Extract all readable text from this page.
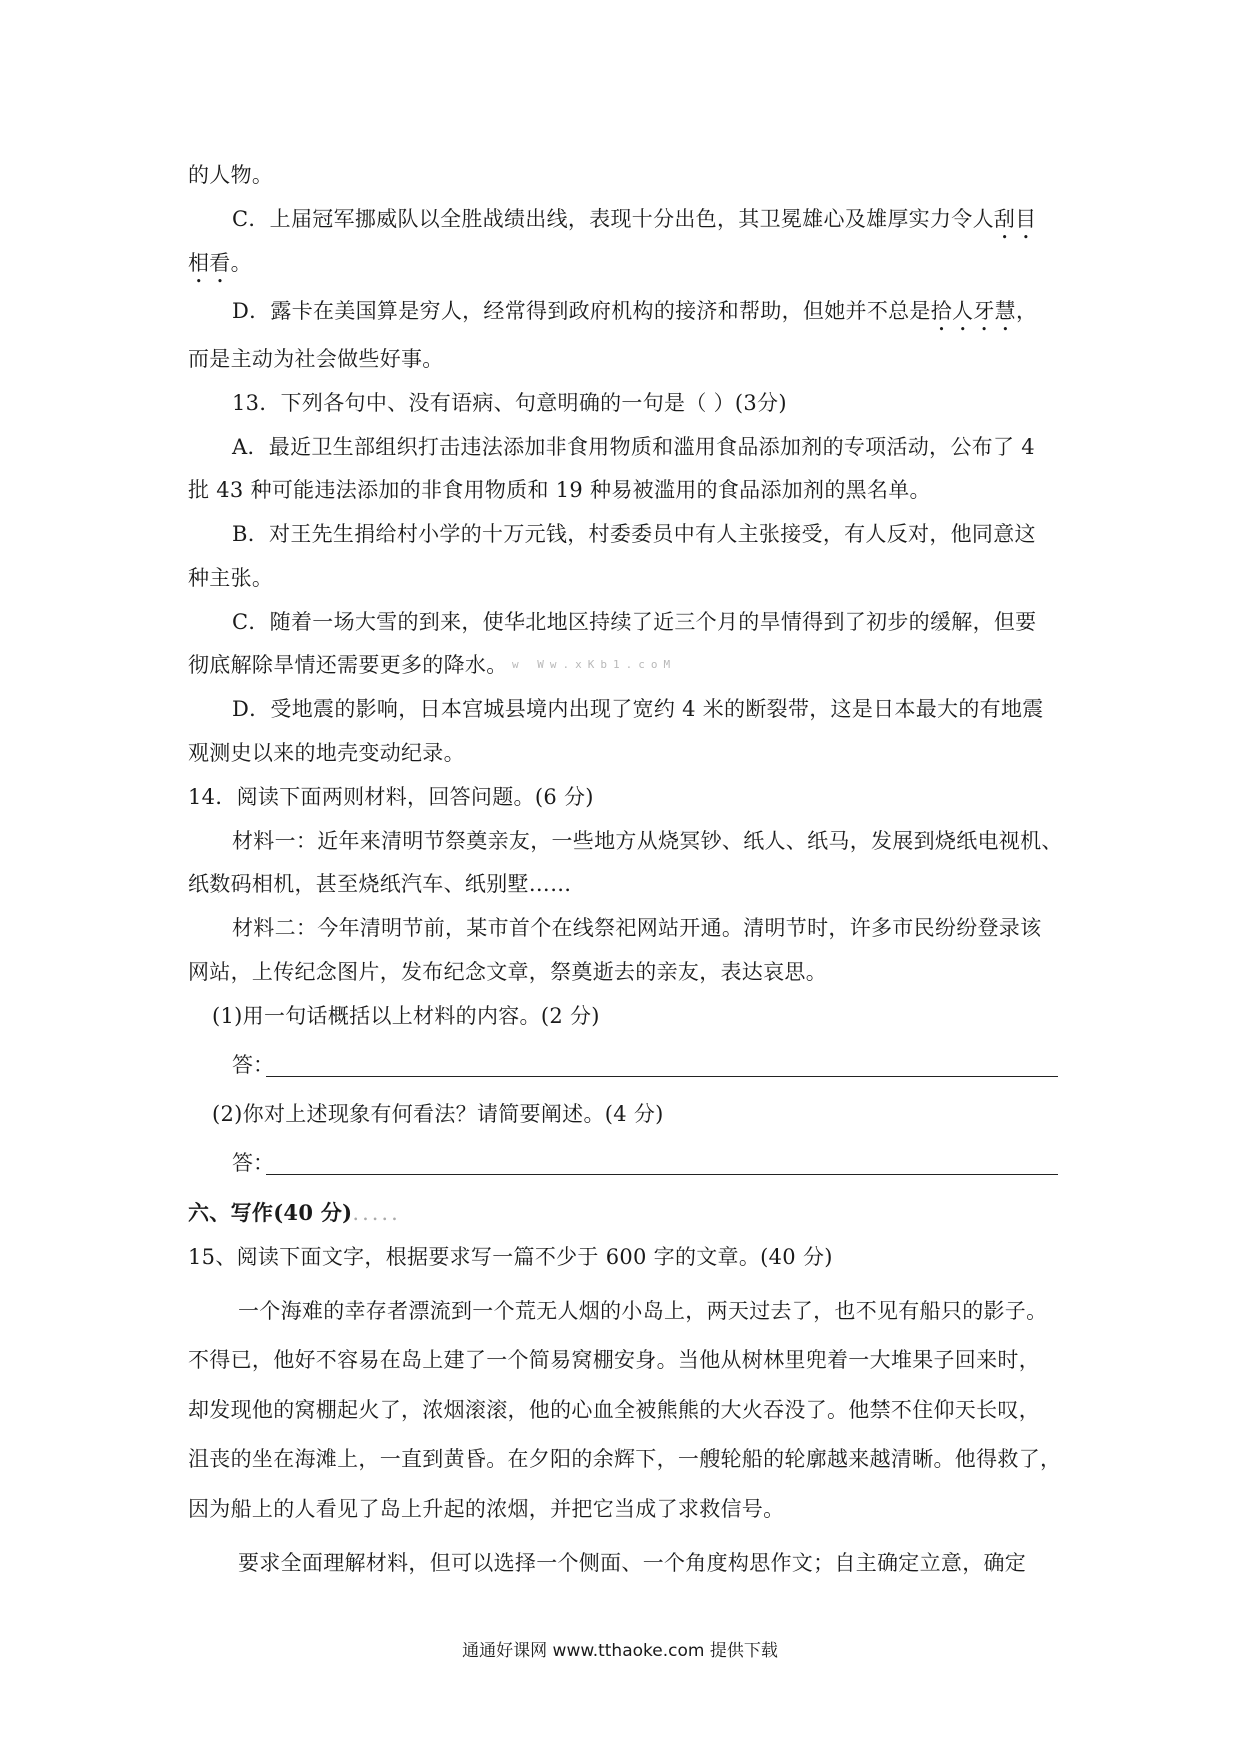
的人物。
C．上届冠军挪威队以全胜战绩出线，表现十分出色，其卫冕雄心及雄厚实力令人刮目
相看。
D．露卡在美国算是穷人，经常得到政府机构的接济和帮助，但她并不总是拾人牙慧，
而是主动为社会做些好事。
13．下列各句中、没有语病、句意明确的一句是（ ）(3分)
A．最近卫生部组织打击违法添加非食用物质和滥用食品添加剂的专项活动，公布了 4
批 43 种可能违法添加的非食用物质和 19 种易被滥用的食品添加剂的黑名单。
B．对王先生捐给村小学的十万元钱，村委委员中有人主张接受，有人反对，他同意这
种主张。
C．随着一场大雪的到来，使华北地区持续了近三个月的旱情得到了初步的缓解，但要
彻底解除旱情还需要更多的降水。 w Ww.xKb1.coM
D．受地震的影响，日本宫城县境内出现了宽约 4 米的断裂带，这是日本最大的有地震
观测史以来的地壳变动纪录。
14．阅读下面两则材料，回答问题。(6 分)
材料一：近年来清明节祭奠亲友，一些地方从烧冥钞、纸人、纸马，发展到烧纸电视机、
纸数码相机，甚至烧纸汽车、纸别墅……
材料二：今年清明节前，某市首个在线祭祀网站开通。清明节时，许多市民纷纷登录该
网站，上传纪念图片，发布纪念文章，祭奠逝去的亲友，表达哀思。
(1)用一句话概括以上材料的内容。(2 分)
答：
(2)你对上述现象有何看法？请简要阐述。(4 分)
答：
六、写作(40 分).....
15、阅读下面文字，根据要求写一篇不少于 600 字的文章。(40 分)
一个海难的幸存者漂流到一个荒无人烟的小岛上，两天过去了，也不见有船只的影子。
不得已，他好不容易在岛上建了一个简易窝棚安身。当他从树林里兜着一大堆果子回来时，
却发现他的窝棚起火了，浓烟滚滚，他的心血全被熊熊的大火吞没了。他禁不住仰天长叹，
沮丧的坐在海滩上，一直到黄昏。在夕阳的余辉下，一艘轮船的轮廓越来越清晰。他得救了，
因为船上的人看见了岛上升起的浓烟，并把它当成了求救信号。
要求全面理解材料，但可以选择一个侧面、一个角度构思作文；自主确定立意，确定
通通好课网 www.tthaoke.com 提供下载
